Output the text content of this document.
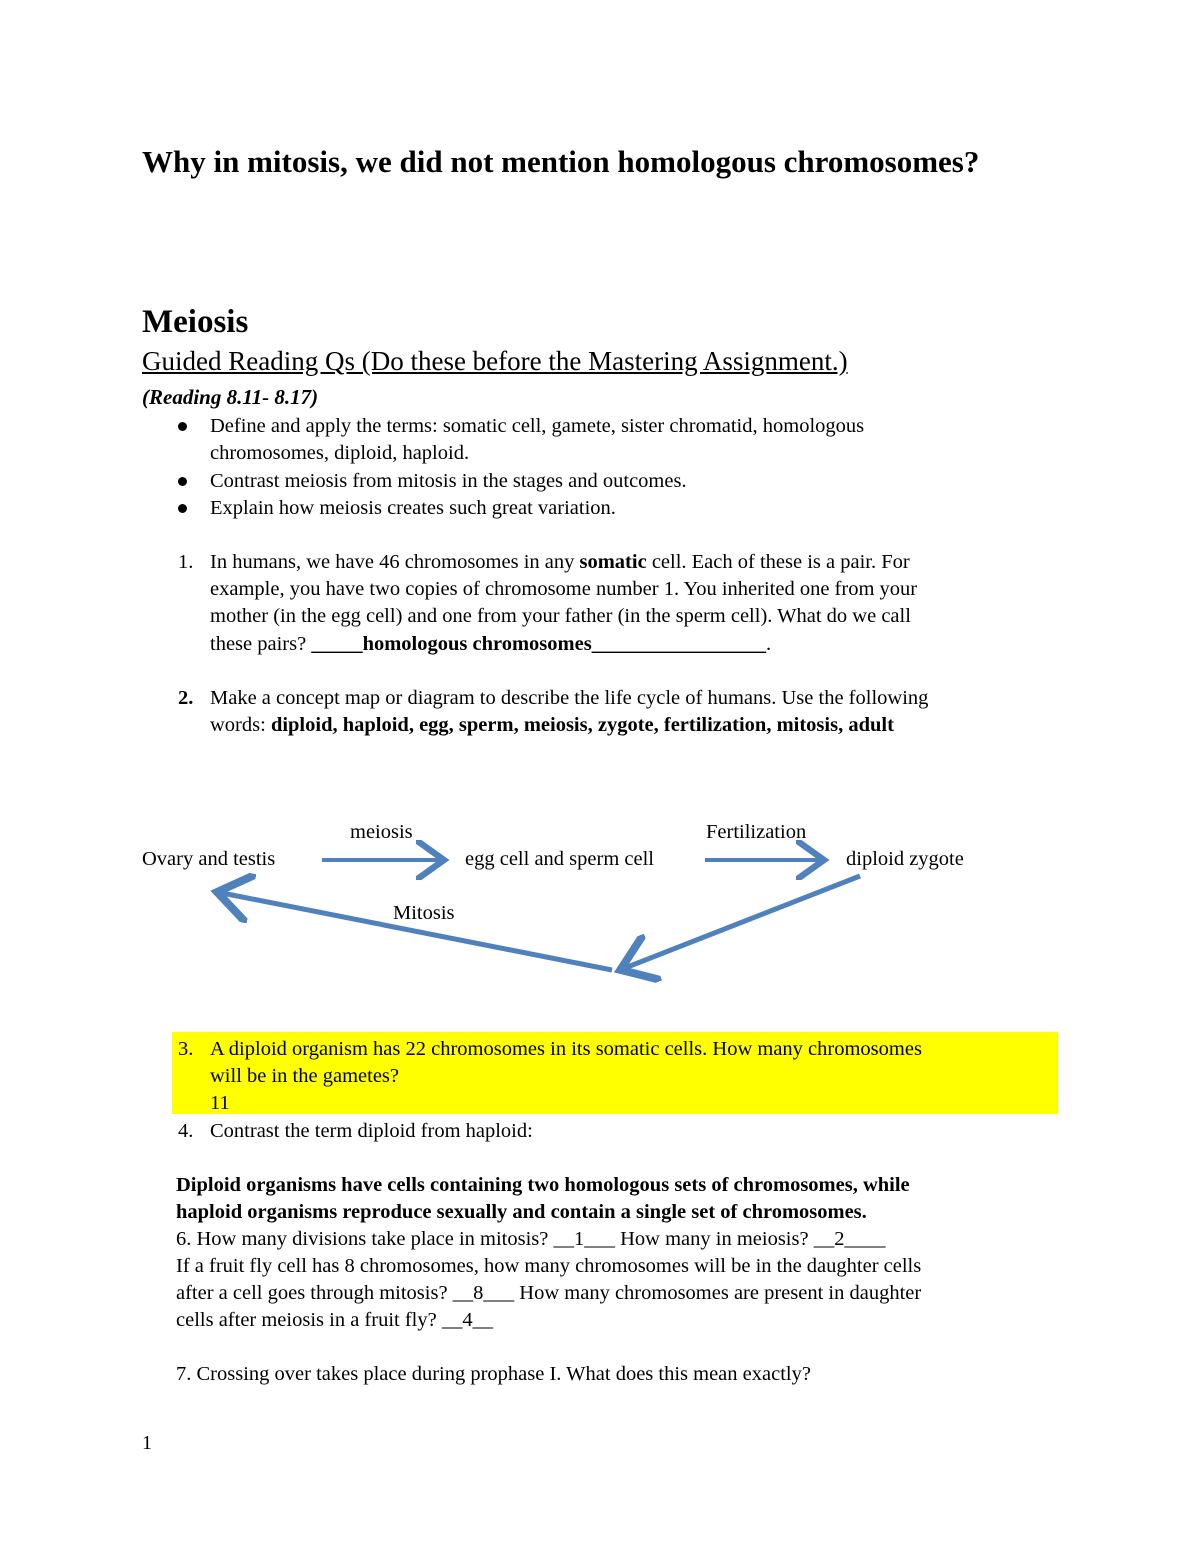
Why in mitosis, we did not mention homologous chromosomes?
Meiosis
Guided Reading Qs (Do these before the Mastering Assignment.)
(Reading 8.11- 8.17)
Define and apply the terms: somatic cell, gamete, sister chromatid, homologous
chromosomes, diploid, haploid.
Contrast meiosis from mitosis in the stages and outcomes.
Explain how meiosis creates such great variation.
1. In humans, we have 46 chromosomes in any somatic cell. Each of these is a pair. For
example, you have two copies of chromosome number 1. You inherited one from your
mother (in the egg cell) and one from your father (in the sperm cell). What do we call
these pairs? _____homologous chromosomes_________________.
2. Make a concept map or diagram to describe the life cycle of humans. Use the following
words: diploid, haploid, egg, sperm, meiosis, zygote, fertilization, mitosis, adult
meiosis	Fertilization
Ovary and testis	egg cell and sperm cell	diploid zygote
Mitosis
3. A diploid organism has 22 chromosomes in its somatic cells. How many chromosomes
will be in the gametes?
11
4. Contrast the term diploid from haploid:
Diploid organisms have cells containing two homologous sets of chromosomes, while
haploid organisms reproduce sexually and contain a single set of chromosomes.
6. How many divisions take place in mitosis? __1___ How many in meiosis? __2____
If a fruit fly cell has 8 chromosomes, how many chromosomes will be in the daughter cells
after a cell goes through mitosis? __8___ How many chromosomes are present in daughter
cells after meiosis in a fruit fly? __4__
7. Crossing over takes place during prophase I. What does this mean exactly?
1
